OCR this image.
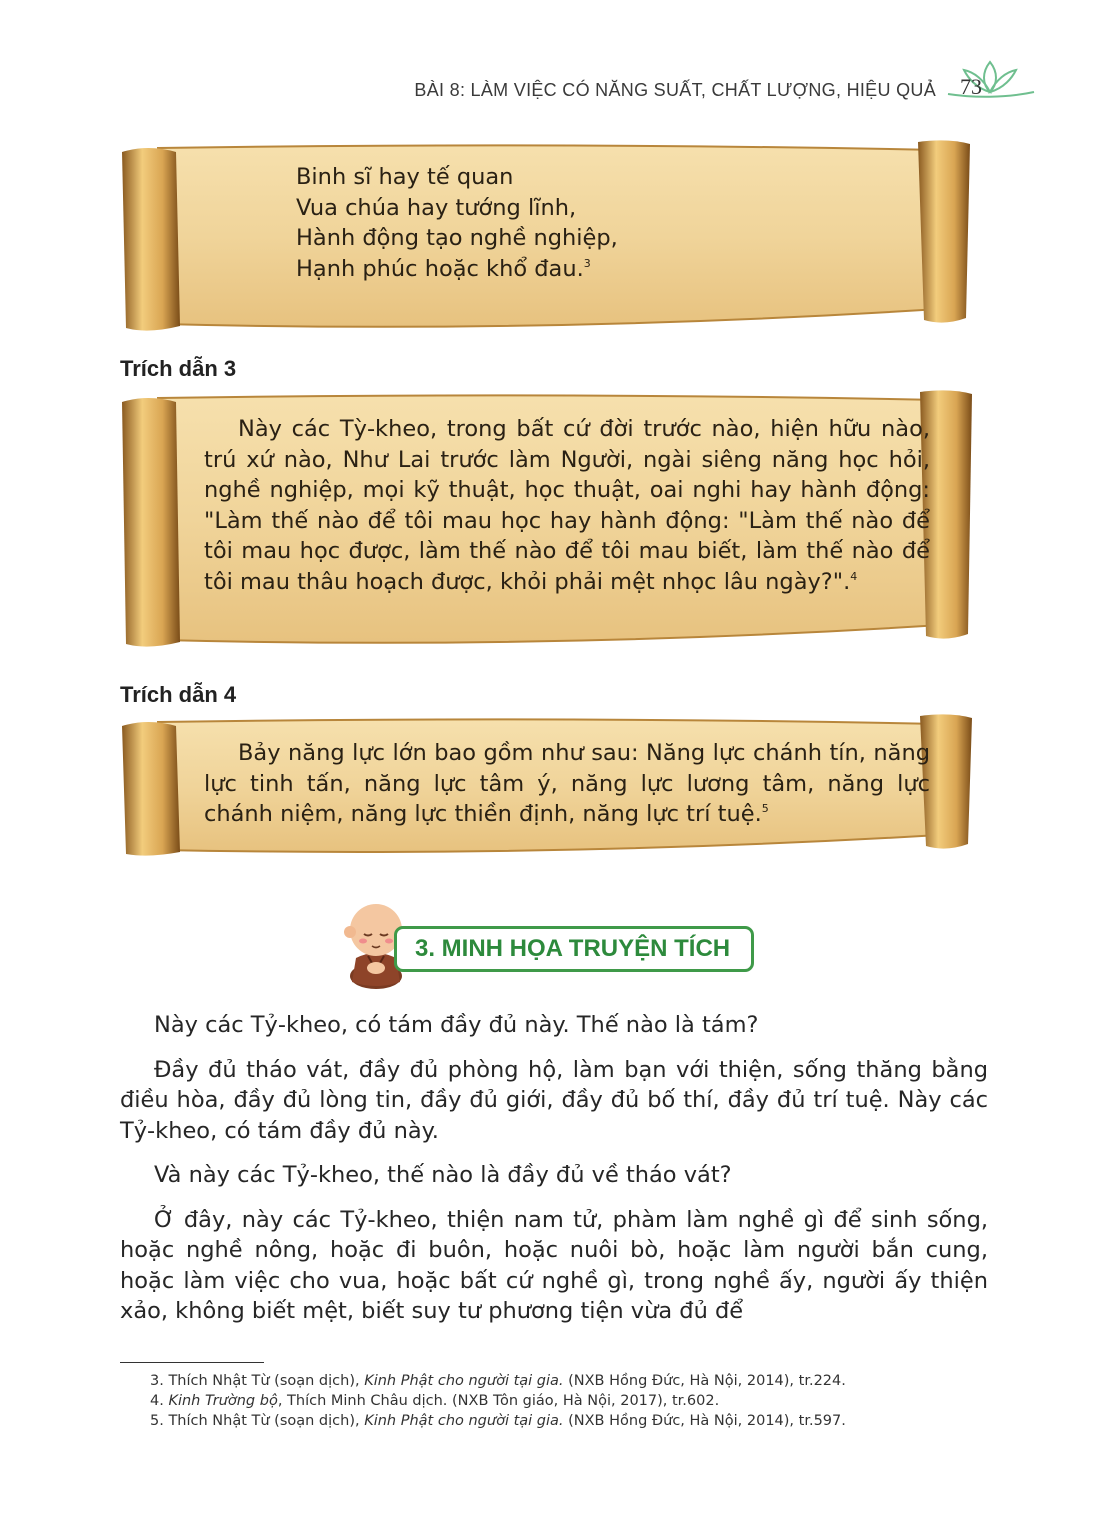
BÀI 8: LÀM VIỆC CÓ NĂNG SUẤT, CHẤT LƯỢNG, HIỆU QUẢ 73

Binh sĩ hay tế quan

Vua chúa hay tướng lĩnh,

Hành động tạo nghề nghiệp,

Hạnh phúc hoặc khổ đau.$^3$

Trích dẫn 3
Này các Tỳ-kheo, trong bất cứ đời trước nào, hiện hữu nào, trú xứ nào, Như Lai trước làm Người, ngài siêng năng học hỏi, nghề nghiệp, mọi kỹ thuật, học thuật, oai nghi hay hành động: "Làm thế nào để tôi mau học hay hành động: "Làm thế nào để tôi mau học được, làm thế nào để tôi mau biết, làm thế nào để tôi mau thâu hoạch được, khỏi phải mệt nhọc lâu ngày?".$^4$
Trích dẫn 4
Bảy năng lực lớn bao gồm như sau: Năng lực chánh tín, năng lực tinh tấn, năng lực tâm ý, năng lực lương tâm, năng lực chánh niệm, năng lực thiền định, năng lực trí tuệ.$^5$
3. MINH HỌA TRUYỆN TÍCH

Này các Tỷ-kheo, có tám đầy đủ này. Thế nào là tám?

Đầy đủ tháo vát, đầy đủ phòng hộ, làm bạn với thiện, sống thăng bằng điều hòa, đầy đủ lòng tin, đầy đủ giới, đầy đủ bố thí, đầy đủ trí tuệ. Này các Tỷ-kheo, có tám đầy đủ này.

Và này các Tỷ-kheo, thế nào là đầy đủ về tháo vát?

Ở đây, này các Tỷ-kheo, thiện nam tử, phàm làm nghề gì để sinh sống, hoặc nghề nông, hoặc đi buôn, hoặc nuôi bò, hoặc làm người bắn cung, hoặc làm việc cho vua, hoặc bất cứ nghề gì, trong nghề ấy, người ấy thiện xảo, không biết mệt, biết suy tư phương tiện vừa đủ để

3. Thích Nhật Từ (soạn dịch), Kinh Phật cho người tại gia. (NXB Hồng Đức, Hà Nội, 2014), tr.224.
4. Kinh Trường bộ, Thích Minh Châu dịch. (NXB Tôn giáo, Hà Nội, 2017), tr.602.
5. Thích Nhật Từ (soạn dịch), Kinh Phật cho người tại gia. (NXB Hồng Đức, Hà Nội, 2014), tr.597.
